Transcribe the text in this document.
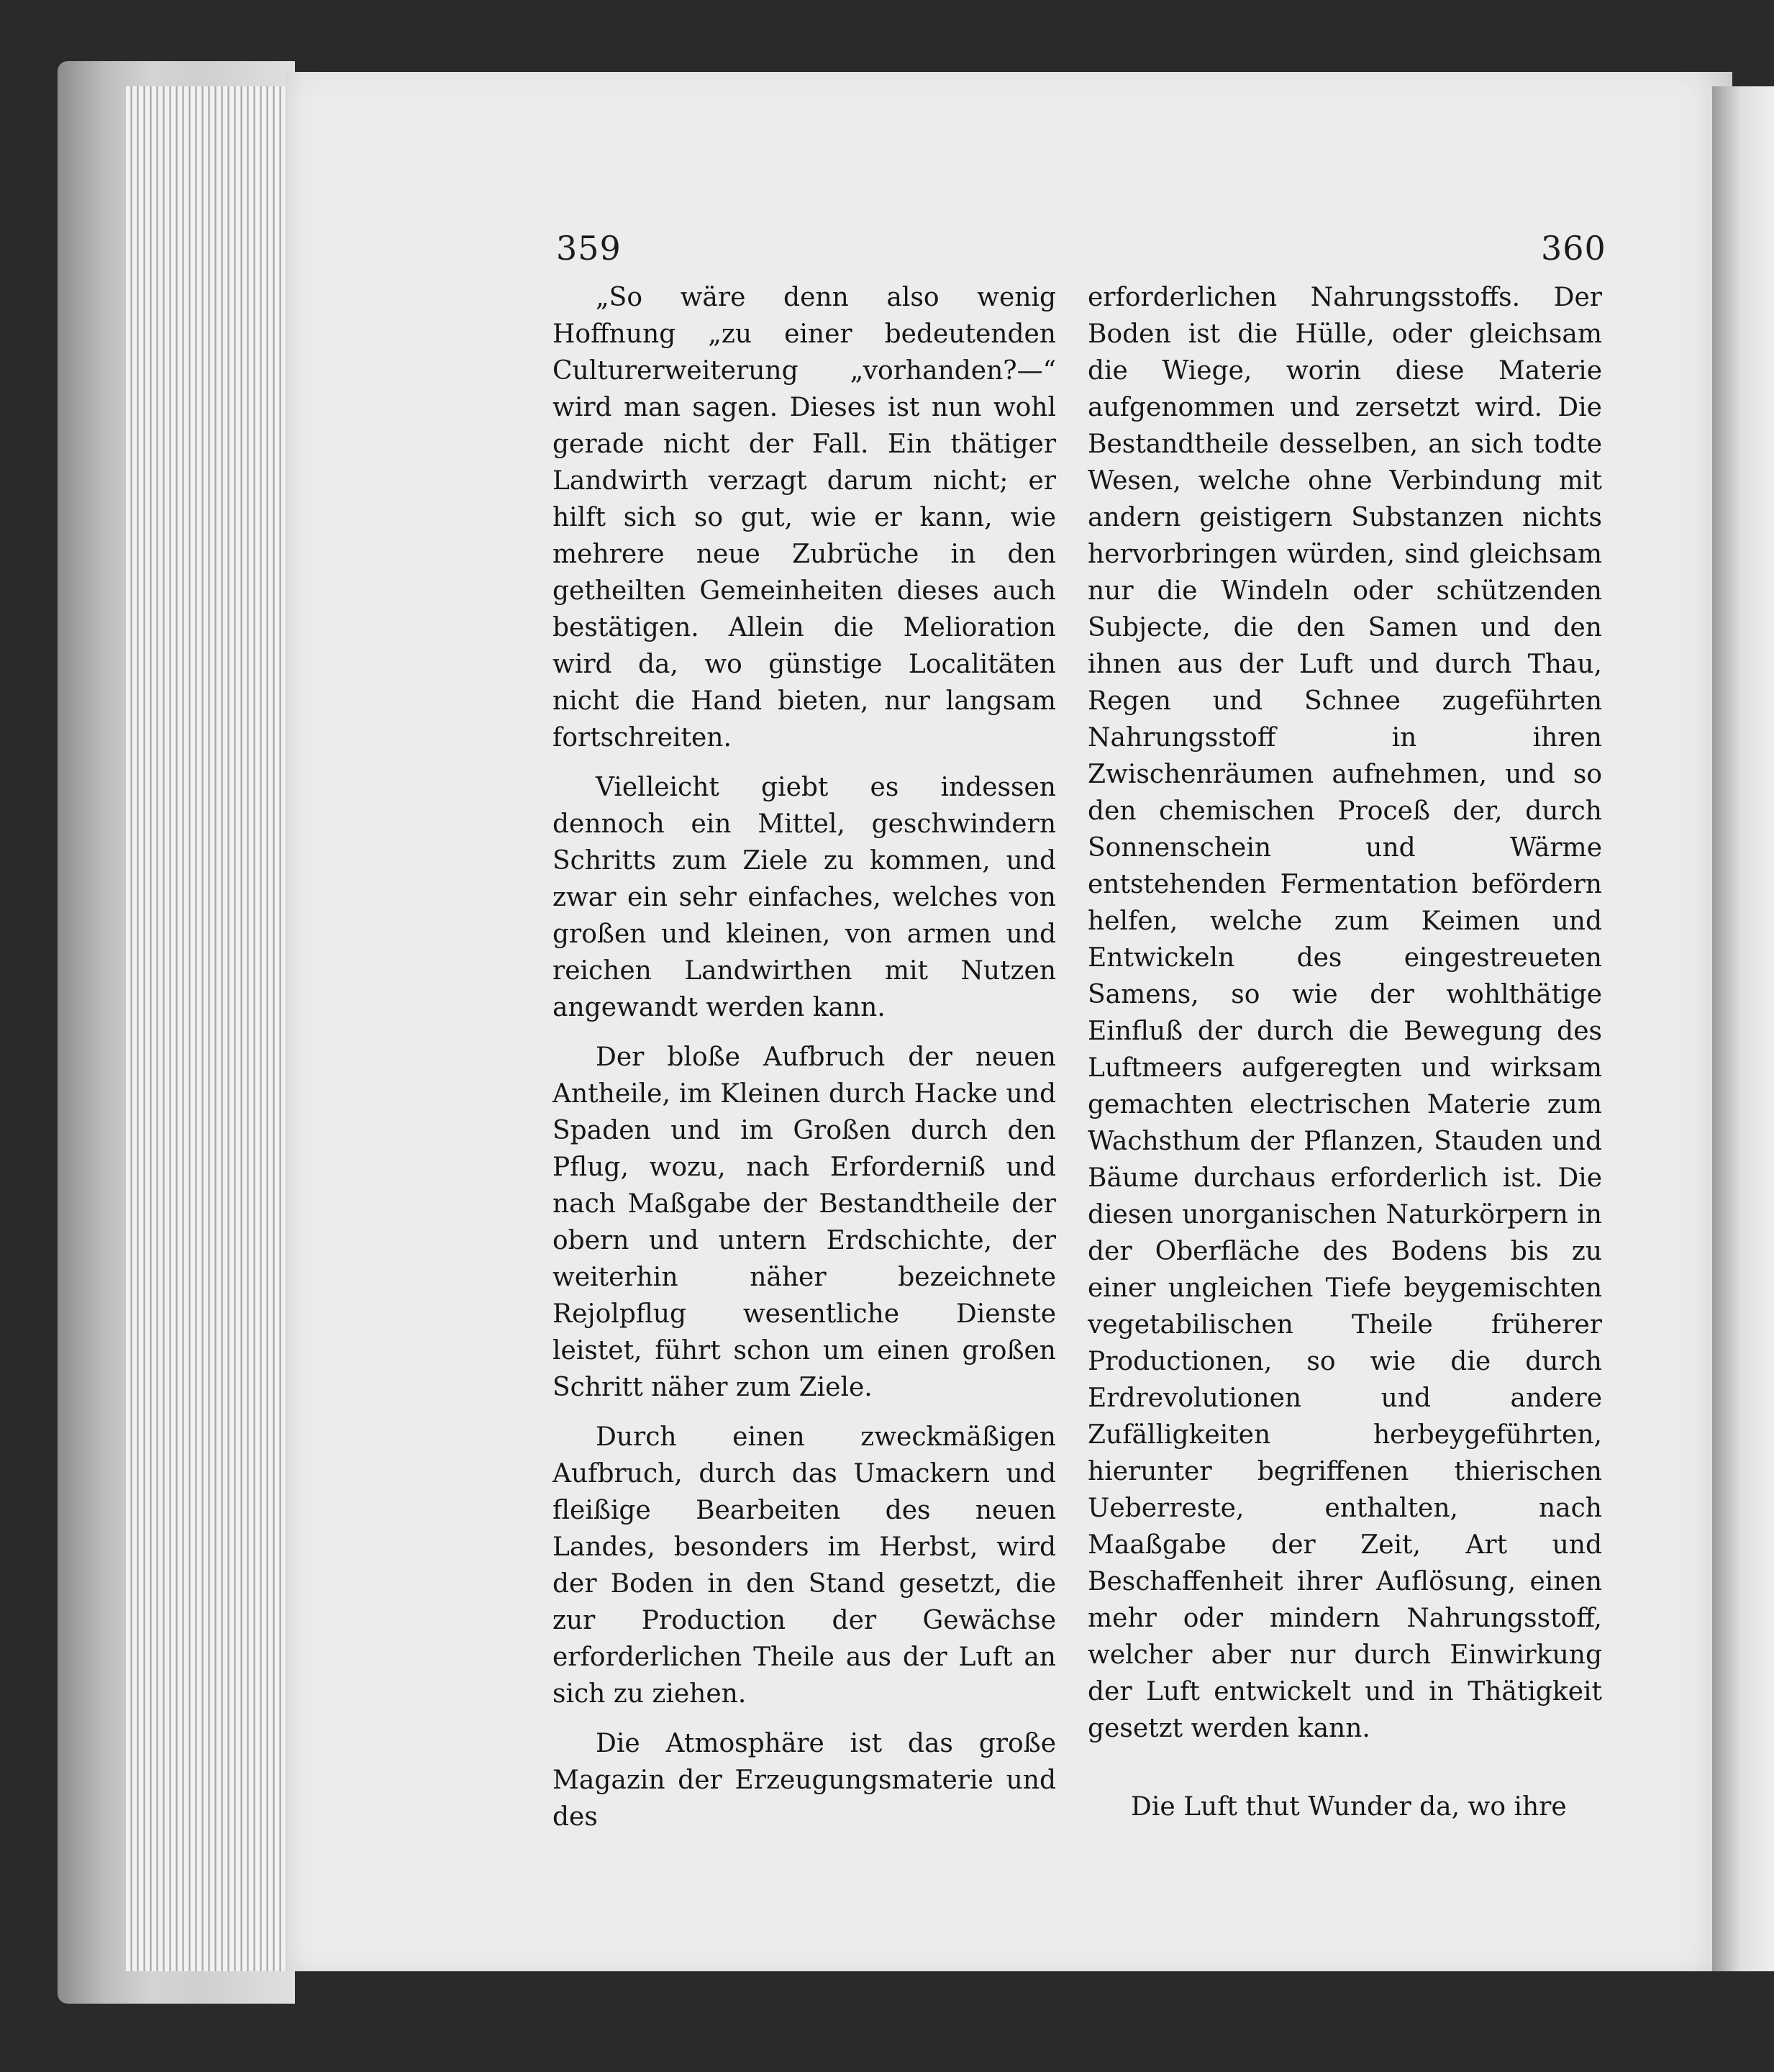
359	360

„So wäre denn also wenig Hoffnung „zu einer bedeutenden Culturerweiterung „vorhanden?—“ wird man sagen. Dieses ist nun wohl gerade nicht der Fall. Ein thätiger Landwirth verzagt darum nicht; er hilft sich so gut, wie er kann, wie mehrere neue Zubrüche in den getheilten Gemeinheiten dieses auch bestätigen. Allein die Melioration wird da, wo günstige Localitäten nicht die Hand bieten, nur langsam fortschreiten.

Vielleicht giebt es indessen dennoch ein Mittel, geschwindern Schritts zum Ziele zu kommen, und zwar ein sehr einfaches, welches von großen und kleinen, von armen und reichen Landwirthen mit Nutzen angewandt werden kann.

Der bloße Aufbruch der neuen Antheile, im Kleinen durch Hacke und Spaden und im Großen durch den Pflug, wozu, nach Erforderniß und nach Maßgabe der Bestandtheile der obern und untern Erdschichte, der weiterhin näher bezeichnete Rejolpflug wesentliche Dienste leistet, führt schon um einen großen Schritt näher zum Ziele.

Durch einen zweckmäßigen Aufbruch, durch das Umackern und fleißige Bearbeiten des neuen Landes, besonders im Herbst, wird der Boden in den Stand gesetzt, die zur Production der Gewächse erforderlichen Theile aus der Luft an sich zu ziehen.

Die Atmosphäre ist das große Magazin der Erzeugungsmaterie und des

erforderlichen Nahrungsstoffs. Der Boden ist die Hülle, oder gleichsam die Wiege, worin diese Materie aufgenommen und zersetzt wird. Die Bestandtheile desselben, an sich todte Wesen, welche ohne Verbindung mit andern geistigern Substanzen nichts hervorbringen würden, sind gleichsam nur die Windeln oder schützenden Subjecte, die den Samen und den ihnen aus der Luft und durch Thau, Regen und Schnee zugeführten Nahrungsstoff in ihren Zwischenräumen aufnehmen, und so den chemischen Proceß der, durch Sonnenschein und Wärme entstehenden Fermentation befördern helfen, welche zum Keimen und Entwickeln des eingestreueten Samens, so wie der wohlthätige Einfluß der durch die Bewegung des Luftmeers aufgeregten und wirksam gemachten electrischen Materie zum Wachsthum der Pflanzen, Stauden und Bäume durchaus erforderlich ist. Die diesen unorganischen Naturkörpern in der Oberfläche des Bodens bis zu einer ungleichen Tiefe beygemischten vegetabilischen Theile früherer Productionen, so wie die durch Erdrevolutionen und andere Zufälligkeiten herbeygeführten, hierunter begriffenen thierischen Ueberreste, enthalten, nach Maaßgabe der Zeit, Art und Beschaffenheit ihrer Auflösung, einen mehr oder mindern Nahrungsstoff, welcher aber nur durch Einwirkung der Luft entwickelt und in Thätigkeit gesetzt werden kann.

Die Luft thut Wunder da, wo ihre
